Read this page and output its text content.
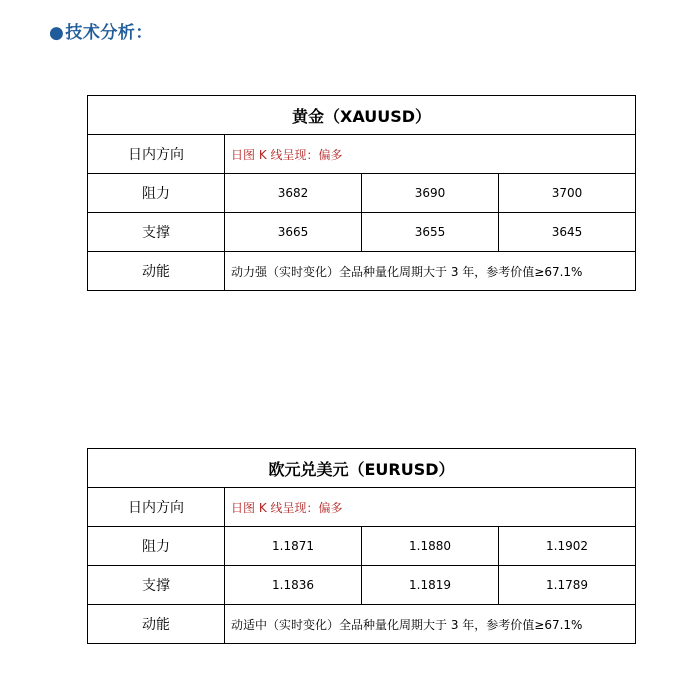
●技术分析：
黄金（XAUUSD）			
日内方向	日图 K 线呈现：偏多		
阻力	3682	3690	3700
支撑	3665	3655	3645
动能	动力强（实时变化）全品种量化周期大于 3 年，参考价值≥67.1%		
欧元兑美元（EURUSD）			
日内方向	日图 K 线呈现：偏多		
阻力	1.1871	1.1880	1.1902
支撑	1.1836	1.1819	1.1789
动能	动适中（实时变化）全品种量化周期大于 3 年，参考价值≥67.1%		
